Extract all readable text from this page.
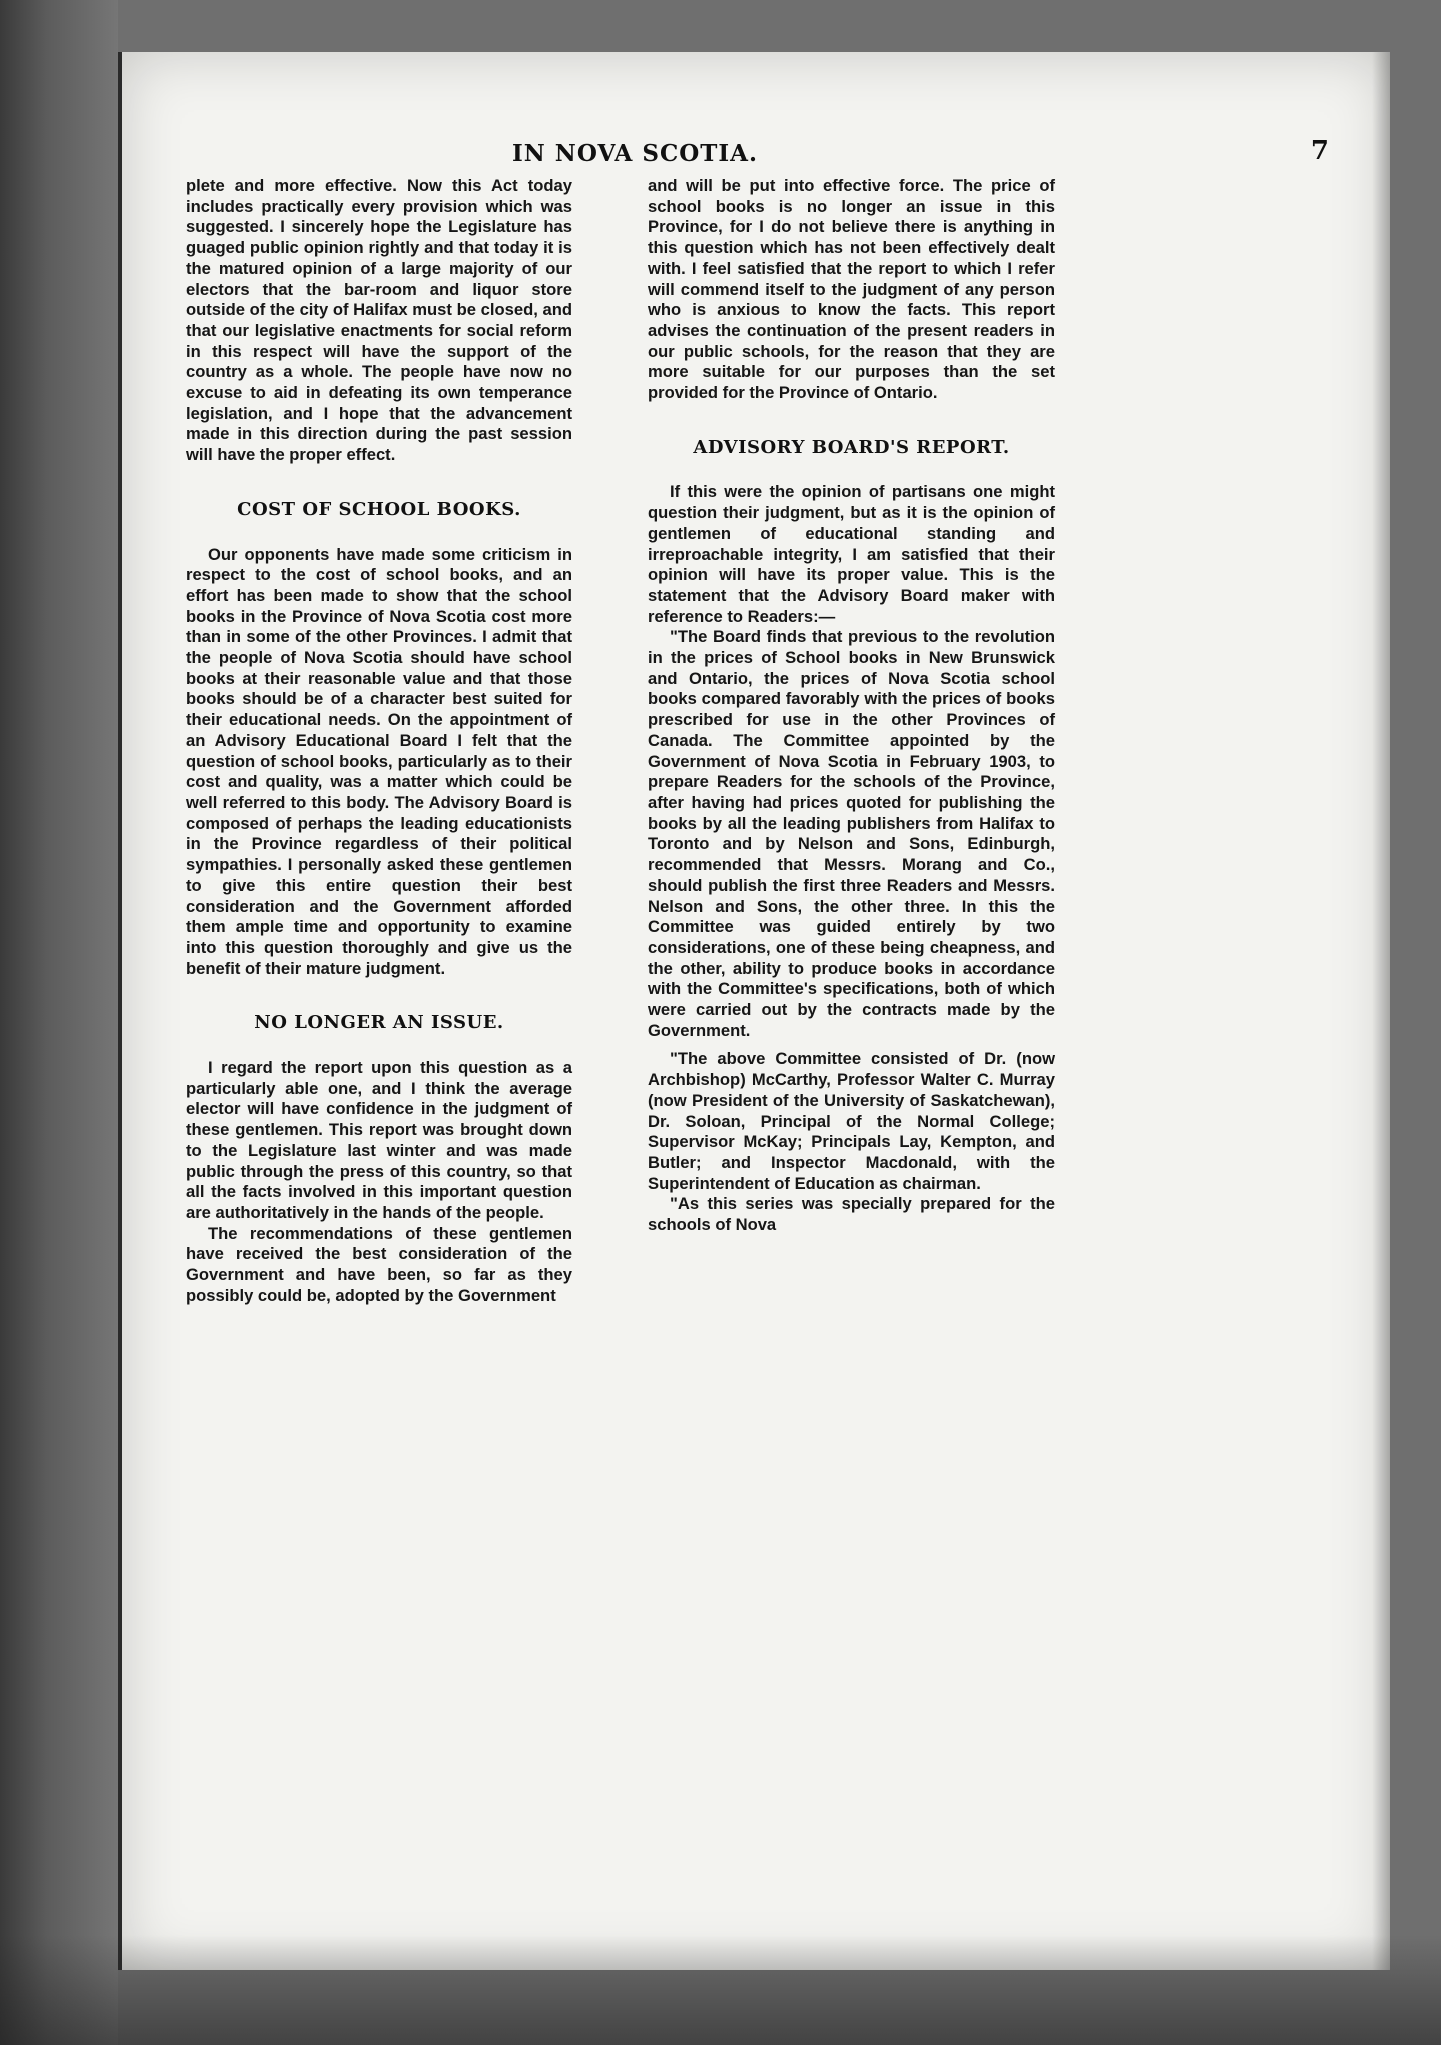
IN NOVA SCOTIA.	7

plete and more effective. Now this Act today includes practically every provision which was suggested. I sincerely hope the Legislature has guaged public opinion rightly and that today it is the matured opinion of a large majority of our electors that the bar-room and liquor store outside of the city of Halifax must be closed, and that our legislative enactments for social reform in this respect will have the support of the country as a whole. The people have now no excuse to aid in defeating its own temperance legislation, and I hope that the advancement made in this direction during the past session will have the proper effect.

COST OF SCHOOL BOOKS.

Our opponents have made some criticism in respect to the cost of school books, and an effort has been made to show that the school books in the Province of Nova Scotia cost more than in some of the other Provinces. I admit that the people of Nova Scotia should have school books at their reasonable value and that those books should be of a character best suited for their educational needs. On the appointment of an Advisory Educational Board I felt that the question of school books, particularly as to their cost and quality, was a matter which could be well referred to this body. The Advisory Board is composed of perhaps the leading educationists in the Province regardless of their political sympathies. I personally asked these gentlemen to give this entire question their best consideration and the Government afforded them ample time and opportunity to examine into this question thoroughly and give us the benefit of their mature judgment.

NO LONGER AN ISSUE.

I regard the report upon this question as a particularly able one, and I think the average elector will have confidence in the judgment of these gentlemen. This report was brought down to the Legislature last winter and was made public through the press of this country, so that all the facts involved in this important question are authoritatively in the hands of the people.

The recommendations of these gentlemen have received the best consideration of the Government and have been, so far as they possibly could be, adopted by the Government

and will be put into effective force. The price of school books is no longer an issue in this Province, for I do not believe there is anything in this question which has not been effectively dealt with. I feel satisfied that the report to which I refer will commend itself to the judgment of any person who is anxious to know the facts. This report advises the continuation of the present readers in our public schools, for the reason that they are more suitable for our purposes than the set provided for the Province of Ontario.

ADVISORY BOARD'S REPORT.

If this were the opinion of partisans one might question their judgment, but as it is the opinion of gentlemen of educational standing and irreproachable integrity, I am satisfied that their opinion will have its proper value. This is the statement that the Advisory Board maker with reference to Readers:—

"The Board finds that previous to the revolution in the prices of School books in New Brunswick and Ontario, the prices of Nova Scotia school books compared favorably with the prices of books prescribed for use in the other Provinces of Canada. The Committee appointed by the Government of Nova Scotia in February 1903, to prepare Readers for the schools of the Province, after having had prices quoted for publishing the books by all the leading publishers from Halifax to Toronto and by Nelson and Sons, Edinburgh, recommended that Messrs. Morang and Co., should publish the first three Readers and Messrs. Nelson and Sons, the other three. In this the Committee was guided entirely by two considerations, one of these being cheapness, and the other, ability to produce books in accordance with the Committee's specifications, both of which were carried out by the contracts made by the Government.

"The above Committee consisted of Dr. (now Archbishop) McCarthy, Professor Walter C. Murray (now President of the University of Saskatchewan), Dr. Soloan, Principal of the Normal College; Supervisor McKay; Principals Lay, Kempton, and Butler; and Inspector Macdonald, with the Superintendent of Education as chairman.

"As this series was specially prepared for the schools of Nova
